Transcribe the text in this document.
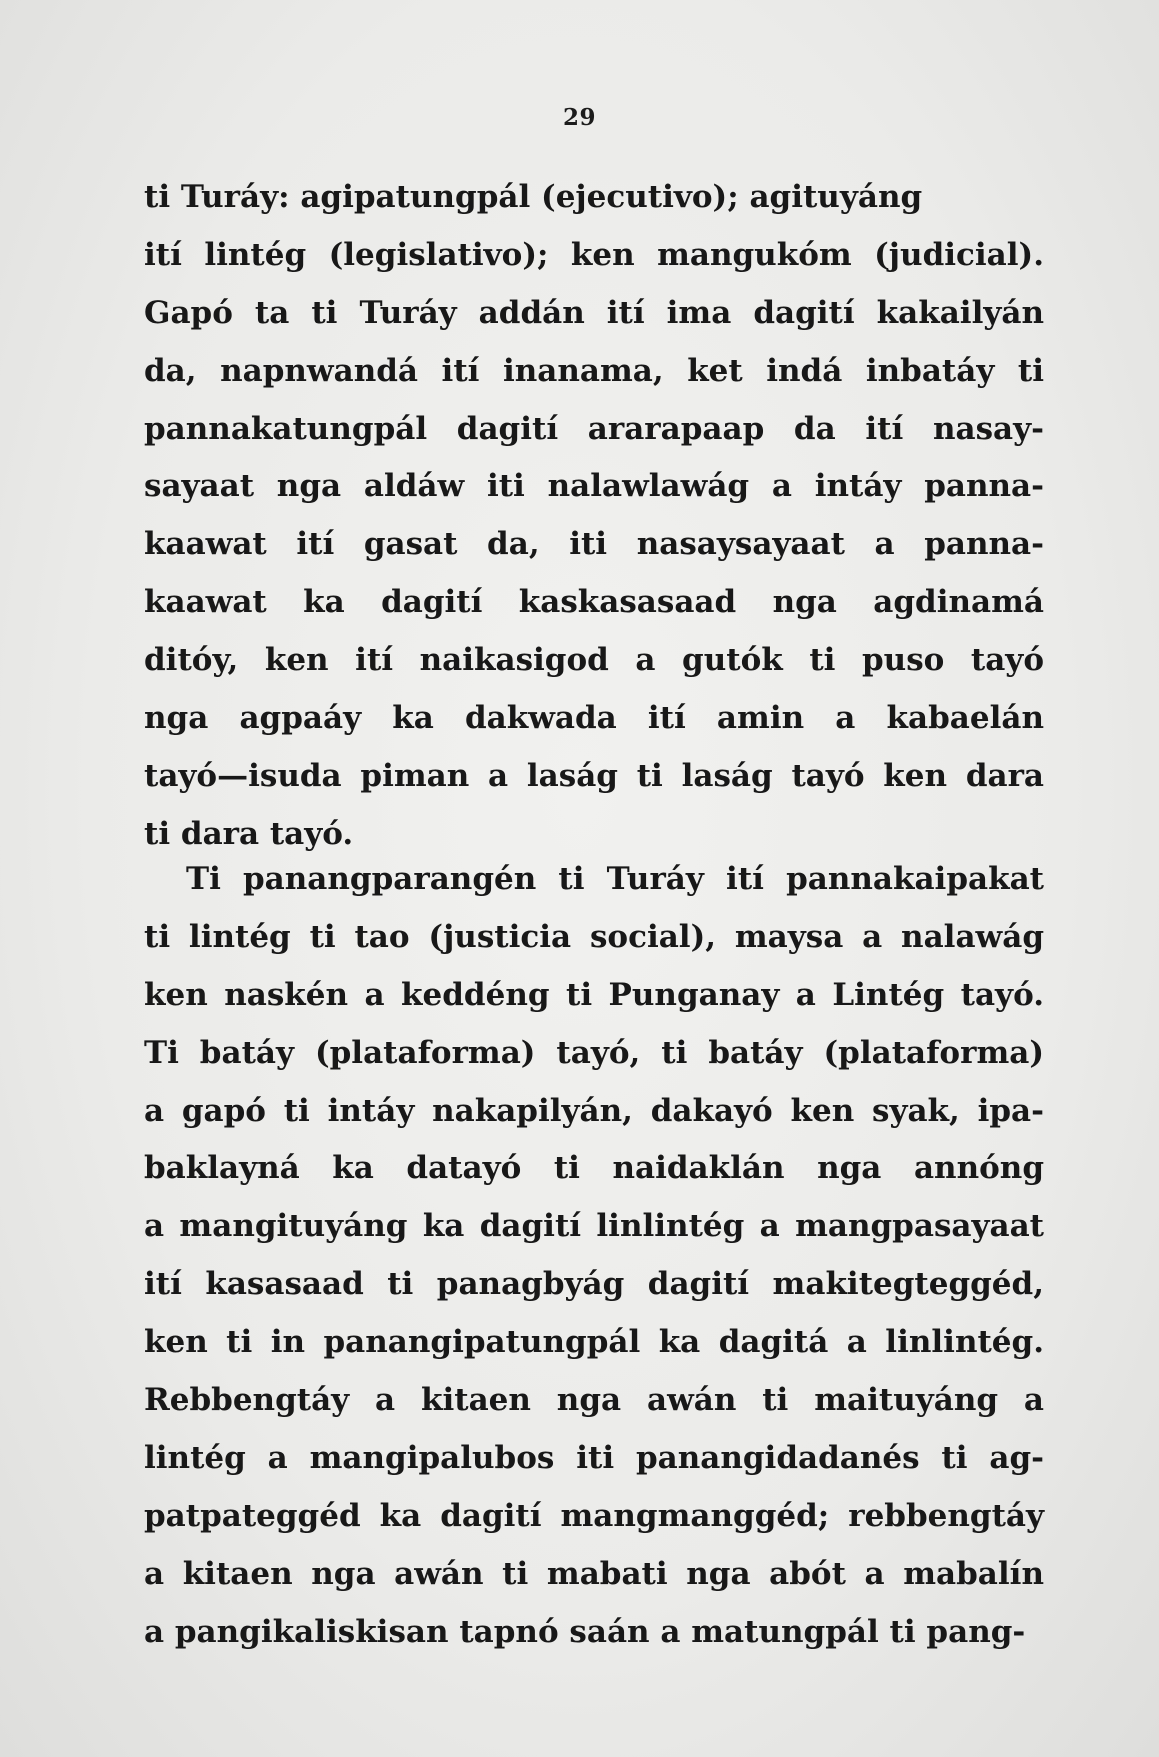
29
ti Turáy: agipatungpál (ejecutivo); agituyáng
ití lintég (legislativo); ken mangukóm (judicial).
Gapó ta ti Turáy addán ití ima dagití kakailyán
da, napnwandá ití inanama, ket indá inbatáy ti
pannakatungpál dagití ararapaap da ití nasay-
sayaat nga aldáw iti nalawlawág a intáy panna-
kaawat ití gasat da, iti nasaysayaat a panna-
kaawat ka dagití kaskasasaad nga agdinamá
ditóy, ken ití naikasigod a gutók ti puso tayó
nga agpaáy ka dakwada ití amin a kabaelán
tayó—isuda piman a laság ti laság tayó ken dara
ti dara tayó.
Ti panangparangén ti Turáy ití pannakaipakat
ti lintég ti tao (justicia social), maysa a nalawág
ken naskén a keddéng ti Punganay a Lintég tayó.
Ti batáy (plataforma) tayó, ti batáy (plataforma)
a gapó ti intáy nakapilyán, dakayó ken syak, ipa-
baklayná ka datayó ti naidaklán nga annóng
a mangituyáng ka dagití linlintég a mangpasayaat
ití kasasaad ti panagbyág dagití makitegteggéd,
ken ti in panangipatungpál ka dagitá a linlintég.
Rebbengtáy a kitaen nga awán ti maituyáng a
lintég a mangipalubos iti panangidadanés ti ag-
patpateggéd ka dagití mangmanggéd; rebbengtáy
a kitaen nga awán ti mabati nga abót a mabalín
a pangikaliskisan tapnó saán a matungpál ti pang-
